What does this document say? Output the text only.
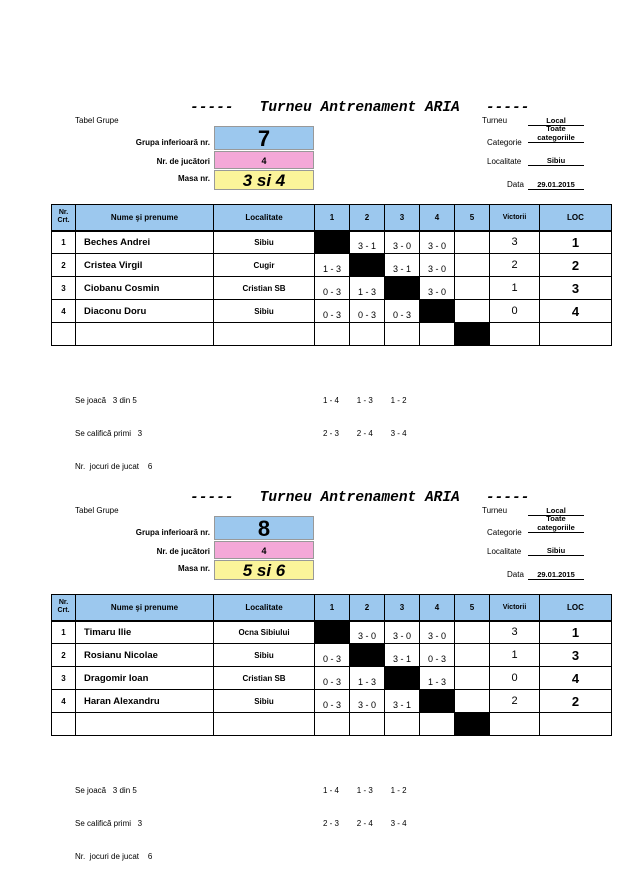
-----   Turneu Antrenament ARIA   -----
Tabel Grupe
Grupa inferioară nr.	7
Nr. de jucători	4
Masa nr.	3 si 4
Turneu	Local
Categorie
Toate categoriile
Localitate	Sibiu
Data	29.01.2015
Nr. Crt.	Nume şi prenume	Localitate	1	2	3	4	5	Victorii	LOC
1	Beches Andrei	Sibiu		3 - 1	3 - 0	3 - 0		3	1
2	Cristea Virgil	Cugir	1 - 3		3 - 1	3 - 0		2	2
3	Ciobanu Cosmin	Cristian SB	0 - 3	1 - 3		3 - 0		1	3
4	Diaconu Doru	Sibiu	0 - 3	0 - 3	0 - 3			0	4

Se joacă   3 din 5

Se califică primi   3

Nr.  jocuri de jucat    6

1 - 4        1 - 3        1 - 2

2 - 3        2 - 4        3 - 4

-----   Turneu Antrenament ARIA   -----
Tabel Grupe
Grupa inferioară nr.	8
Nr. de jucători	4
Masa nr.	5 si 6
Turneu	Local
Categorie
Toate categoriile
Localitate	Sibiu
Data	29.01.2015
Nr. Crt.	Nume şi prenume	Localitate	1	2	3	4	5	Victorii	LOC
1	Timaru Ilie	Ocna Sibiului		3 - 0	3 - 0	3 - 0		3	1
2	Rosianu Nicolae	Sibiu	0 - 3		3 - 1	0 - 3		1	3
3	Dragomir Ioan	Cristian SB	0 - 3	1 - 3		1 - 3		0	4
4	Haran Alexandru	Sibiu	0 - 3	3 - 0	3 - 1			2	2

Se joacă   3 din 5

Se califică primi   3

Nr.  jocuri de jucat    6

1 - 4        1 - 3        1 - 2

2 - 3        2 - 4        3 - 4
